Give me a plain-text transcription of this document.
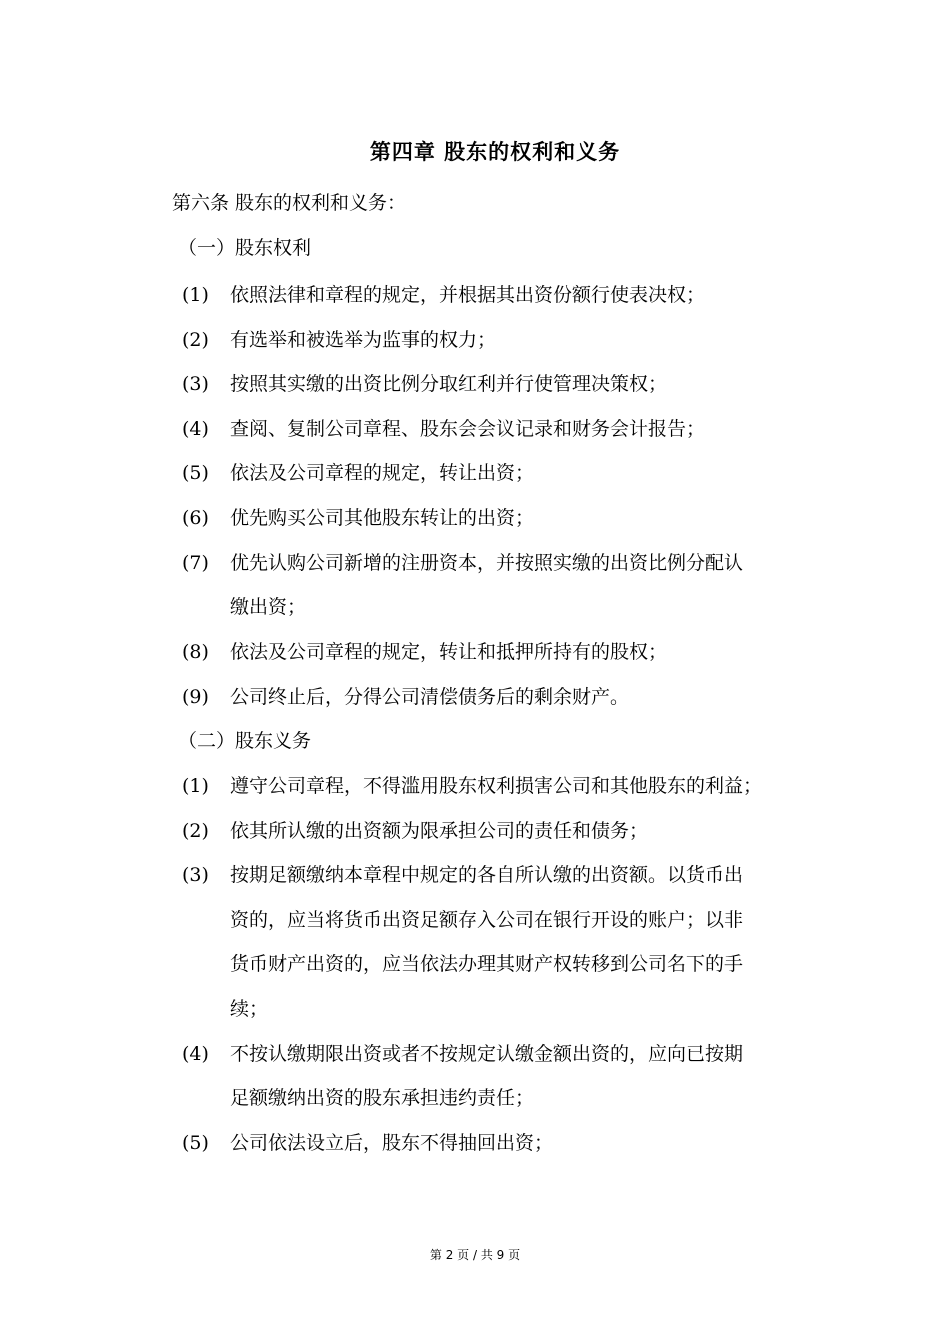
第四章 股东的权利和义务
第六条 股东的权利和义务：
（一）股东权利
(1) 依照法律和章程的规定，并根据其出资份额行使表决权；
(2) 有选举和被选举为监事的权力；
(3) 按照其实缴的出资比例分取红利并行使管理决策权；
(4) 查阅、复制公司章程、股东会会议记录和财务会计报告；
(5) 依法及公司章程的规定，转让出资；
(6) 优先购买公司其他股东转让的出资；
(7) 优先认购公司新增的注册资本，并按照实缴的出资比例分配认
缴出资；
(8) 依法及公司章程的规定，转让和抵押所持有的股权；
(9) 公司终止后，分得公司清偿债务后的剩余财产。
（二）股东义务
(1) 遵守公司章程，不得滥用股东权利损害公司和其他股东的利益；
(2) 依其所认缴的出资额为限承担公司的责任和债务；
(3) 按期足额缴纳本章程中规定的各自所认缴的出资额。以货币出
资的，应当将货币出资足额存入公司在银行开设的账户；以非
货币财产出资的，应当依法办理其财产权转移到公司名下的手
续；
(4) 不按认缴期限出资或者不按规定认缴金额出资的，应向已按期
足额缴纳出资的股东承担违约责任；
(5) 公司依法设立后，股东不得抽回出资；
第 2 页 / 共 9 页
